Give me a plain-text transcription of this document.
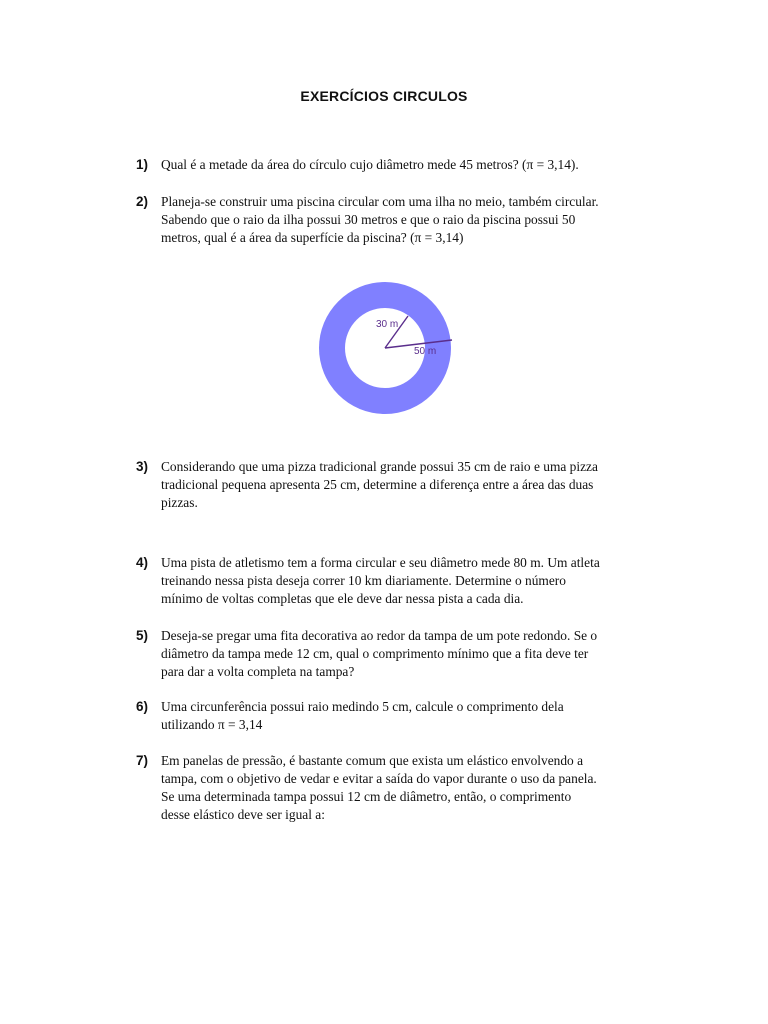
EXERCÍCIOS CIRCULOS
1) Qual é a metade da área do círculo cujo diâmetro mede 45 metros? (π = 3,14).
2) Planeja-se construir uma piscina circular com uma ilha no meio, também circular.
Sabendo que o raio da ilha possui 30 metros e que o raio da piscina possui 50
metros, qual é a área da superfície da piscina? (π = 3,14)
30 m
50 m
3) Considerando que uma pizza tradicional grande possui 35 cm de raio e uma pizza
tradicional pequena apresenta 25 cm, determine a diferença entre a área das duas
pizzas.
4) Uma pista de atletismo tem a forma circular e seu diâmetro mede 80 m. Um atleta
treinando nessa pista deseja correr 10 km diariamente. Determine o número
mínimo de voltas completas que ele deve dar nessa pista a cada dia.
5) Deseja-se pregar uma fita decorativa ao redor da tampa de um pote redondo. Se o
diâmetro da tampa mede 12 cm, qual o comprimento mínimo que a fita deve ter
para dar a volta completa na tampa?
6) Uma circunferência possui raio medindo 5 cm, calcule o comprimento dela
utilizando π = 3,14
7) Em panelas de pressão, é bastante comum que exista um elástico envolvendo a
tampa, com o objetivo de vedar e evitar a saída do vapor durante o uso da panela.
Se uma determinada tampa possui 12 cm de diâmetro, então, o comprimento
desse elástico deve ser igual a:
